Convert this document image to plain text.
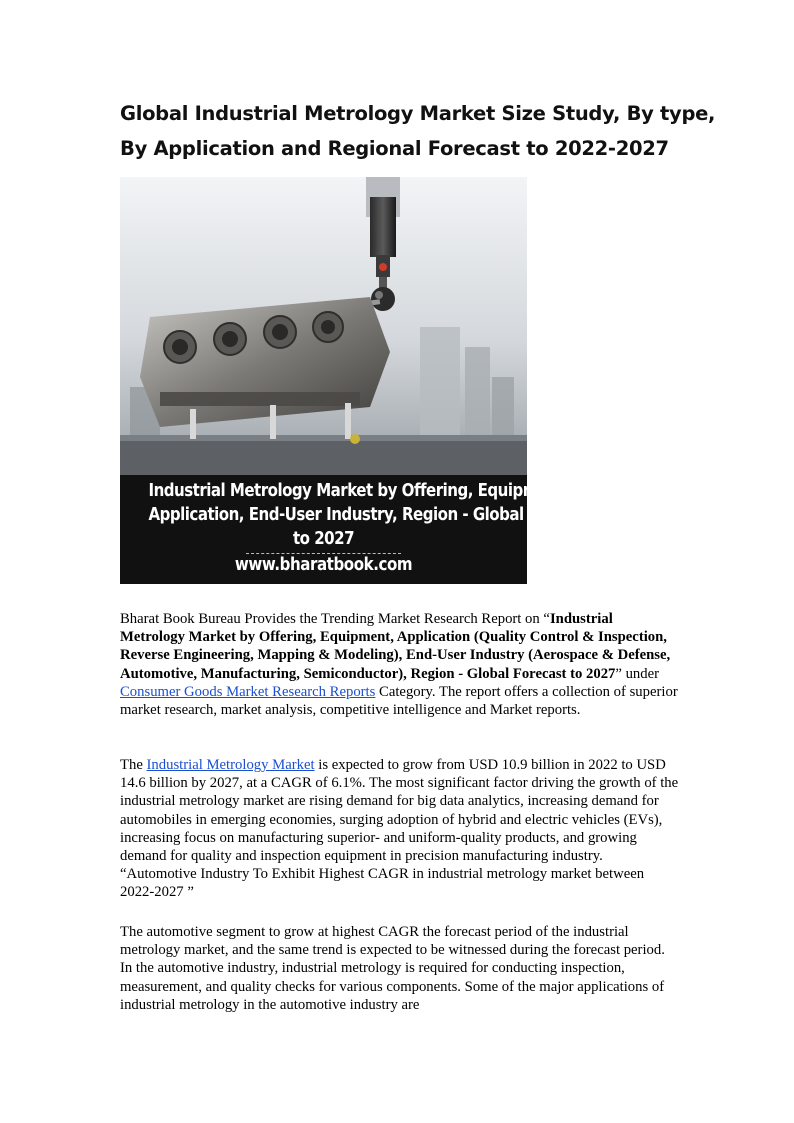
Global Industrial Metrology Market Size Study, By type,
By Application and Regional Forecast to 2022-2027
Industrial Metrology Market by Offering, Equipment,
Application, End-User Industry, Region - Global Forecast
to 2027
www.bharatbook.com

Bharat Book Bureau Provides the Trending Market Research Report on “Industrial Metrology Market by Offering, Equipment, Application (Quality Control & Inspection, Reverse Engineering, Mapping & Modeling), End-User Industry (Aerospace & Defense, Automotive, Manufacturing, Semiconductor), Region - Global Forecast to 2027” under Consumer Goods Market Research Reports Category. The report offers a collection of superior market research, market analysis, competitive intelligence and Market reports.

The Industrial Metrology Market is expected to grow from USD 10.9 billion in 2022 to USD 14.6 billion by 2027, at a CAGR of 6.1%. The most significant factor driving the growth of the industrial metrology market are rising demand for big data analytics, increasing demand for automobiles in emerging economies, surging adoption of hybrid and electric vehicles (EVs), increasing focus on manufacturing superior- and uniform-quality products, and growing demand for quality and inspection equipment in precision manufacturing industry. “Automotive Industry To Exhibit Highest CAGR in industrial metrology market between 2022-2027 ”

The automotive segment to grow at highest CAGR the forecast period of the industrial metrology market, and the same trend is expected to be witnessed during the forecast period. In the automotive industry, industrial metrology is required for conducting inspection, measurement, and quality checks for various components. Some of the major applications of industrial metrology in the automotive industry are
